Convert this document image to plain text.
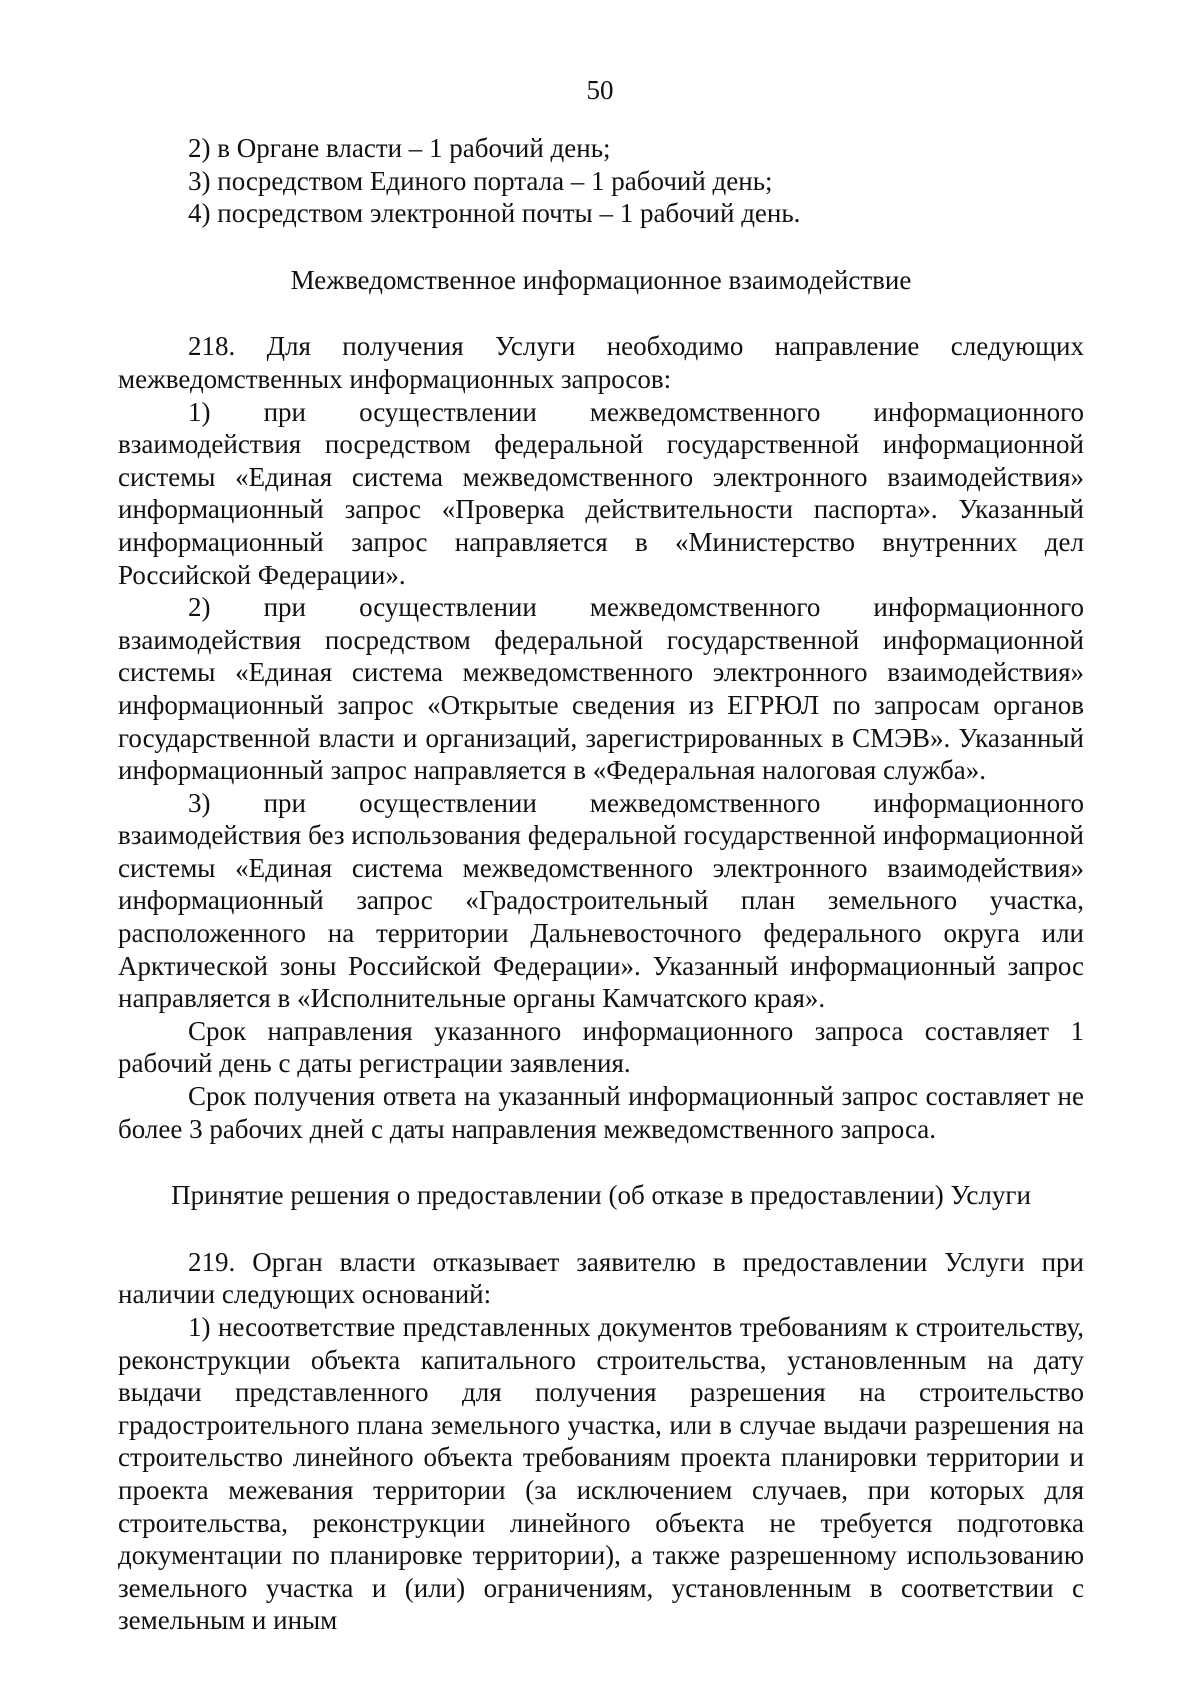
50

2) в Органе власти – 1 рабочий день;

3) посредством Единого портала – 1 рабочий день;

4) посредством электронной почты – 1 рабочий день.

Межведомственное информационное взаимодействие

218. Для получения Услуги необходимо направление следующих

межведомственных информационных запросов:

1) при осуществлении межведомственного информационного взаимодействия посредством федеральной государственной информационной системы «Единая система межведомственного электронного взаимодействия» информационный запрос «Проверка действительности паспорта». Указанный информационный запрос направляется в «Министерство внутренних дел Российской Федерации».

2) при осуществлении межведомственного информационного взаимодействия посредством федеральной государственной информационной системы «Единая система межведомственного электронного взаимодействия» информационный запрос «Открытые сведения из ЕГРЮЛ по запросам органов государственной власти и организаций, зарегистрированных в СМЭВ». Указанный информационный запрос направляется в «Федеральная налоговая служба».

3) при осуществлении межведомственного информационного взаимодействия без использования федеральной государственной информационной системы «Единая система межведомственного электронного взаимодействия» информационный запрос «Градостроительный план земельного участка, расположенного на территории Дальневосточного федерального округа или Арктической зоны Российской Федерации». Указанный информационный запрос направляется в «Исполнительные органы Камчатского края».

Срок направления указанного информационного запроса составляет 1 рабочий день с даты регистрации заявления.

Срок получения ответа на указанный информационный запрос составляет не более 3 рабочих дней с даты направления межведомственного запроса.

Принятие решения о предоставлении (об отказе в предоставлении) Услуги

219. Орган власти отказывает заявителю в предоставлении Услуги при наличии следующих оснований:

1) несоответствие представленных документов требованиям к строительству, реконструкции объекта капитального строительства, установленным на дату выдачи представленного для получения разрешения на строительство градостроительного плана земельного участка, или в случае выдачи разрешения на строительство линейного объекта требованиям проекта планировки территории и проекта межевания территории (за исключением случаев, при которых для строительства, реконструкции линейного объекта не требуется подготовка документации по планировке территории), а также разрешенному использованию земельного участка и (или) ограничениям, установленным в соответствии с земельным и иным
